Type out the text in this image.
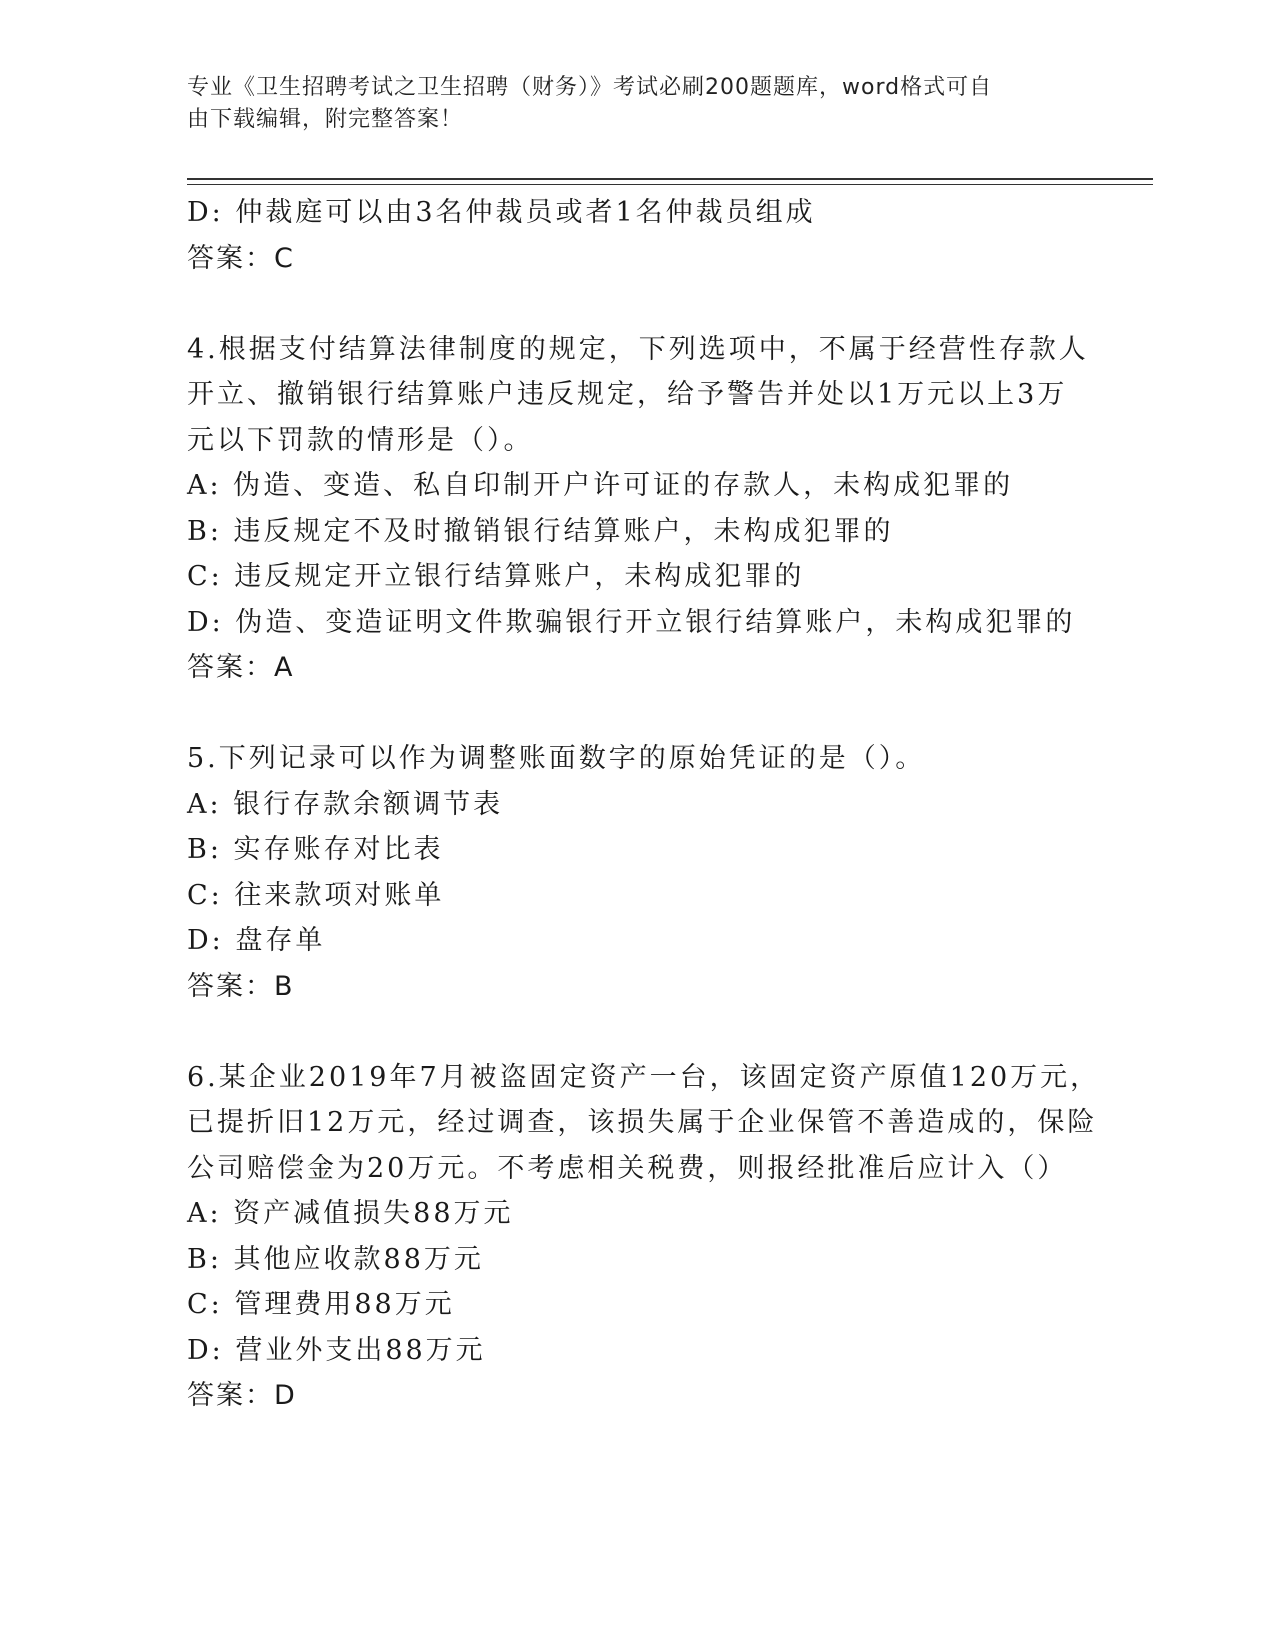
专业《卫生招聘考试之卫生招聘（财务）》考试必刷200题题库，word格式可自
由下载编辑，附完整答案！
D: 仲裁庭可以由3名仲裁员或者1名仲裁员组成
答案：C
4.根据支付结算法律制度的规定，下列选项中，不属于经营性存款人
开立、撤销银行结算账户违反规定，给予警告并处以1万元以上3万
元以下罚款的情形是（）。
A: 伪造、变造、私自印制开户许可证的存款人，未构成犯罪的
B: 违反规定不及时撤销银行结算账户，未构成犯罪的
C: 违反规定开立银行结算账户，未构成犯罪的
D: 伪造、变造证明文件欺骗银行开立银行结算账户，未构成犯罪的
答案：A
5.下列记录可以作为调整账面数字的原始凭证的是（）。
A: 银行存款余额调节表
B: 实存账存对比表
C: 往来款项对账单
D: 盘存单
答案：B
6.某企业2019年7月被盗固定资产一台，该固定资产原值120万元，
已提折旧12万元，经过调查，该损失属于企业保管不善造成的，保险
公司赔偿金为20万元。不考虑相关税费，则报经批准后应计入（）
A: 资产减值损失88万元
B: 其他应收款88万元
C: 管理费用88万元
D: 营业外支出88万元
答案：D
